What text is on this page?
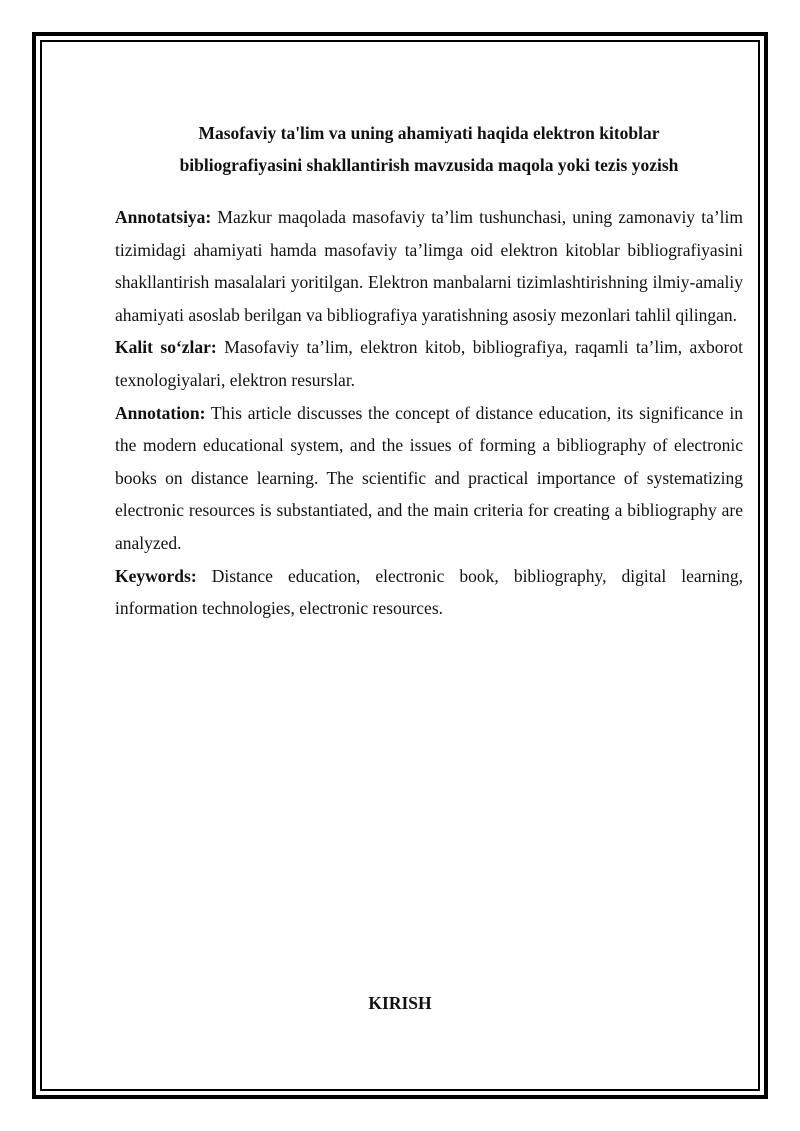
Masofaviy ta'lim va uning ahamiyati haqida elektron kitoblar
bibliografiyasini shakllantirish mavzusida maqola yoki tezis yozish

Annotatsiya: Mazkur maqolada masofaviy ta’lim tushunchasi, uning zamonaviy ta’lim tizimidagi ahamiyati hamda masofaviy ta’limga oid elektron kitoblar bibliografiyasini shakllantirish masalalari yoritilgan. Elektron manbalarni tizimlashtirishning ilmiy-amaliy ahamiyati asoslab berilgan va bibliografiya yaratishning asosiy mezonlari tahlil qilingan.

Kalit so‘zlar: Masofaviy ta’lim, elektron kitob, bibliografiya, raqamli ta’lim, axborot texnologiyalari, elektron resurslar.

Annotation: This article discusses the concept of distance education, its significance in the modern educational system, and the issues of forming a bibliography of electronic books on distance learning. The scientific and practical importance of systematizing electronic resources is substantiated, and the main criteria for creating a bibliography are analyzed.

Keywords: Distance education, electronic book, bibliography, digital learning, information technologies, electronic resources.

KIRISH
